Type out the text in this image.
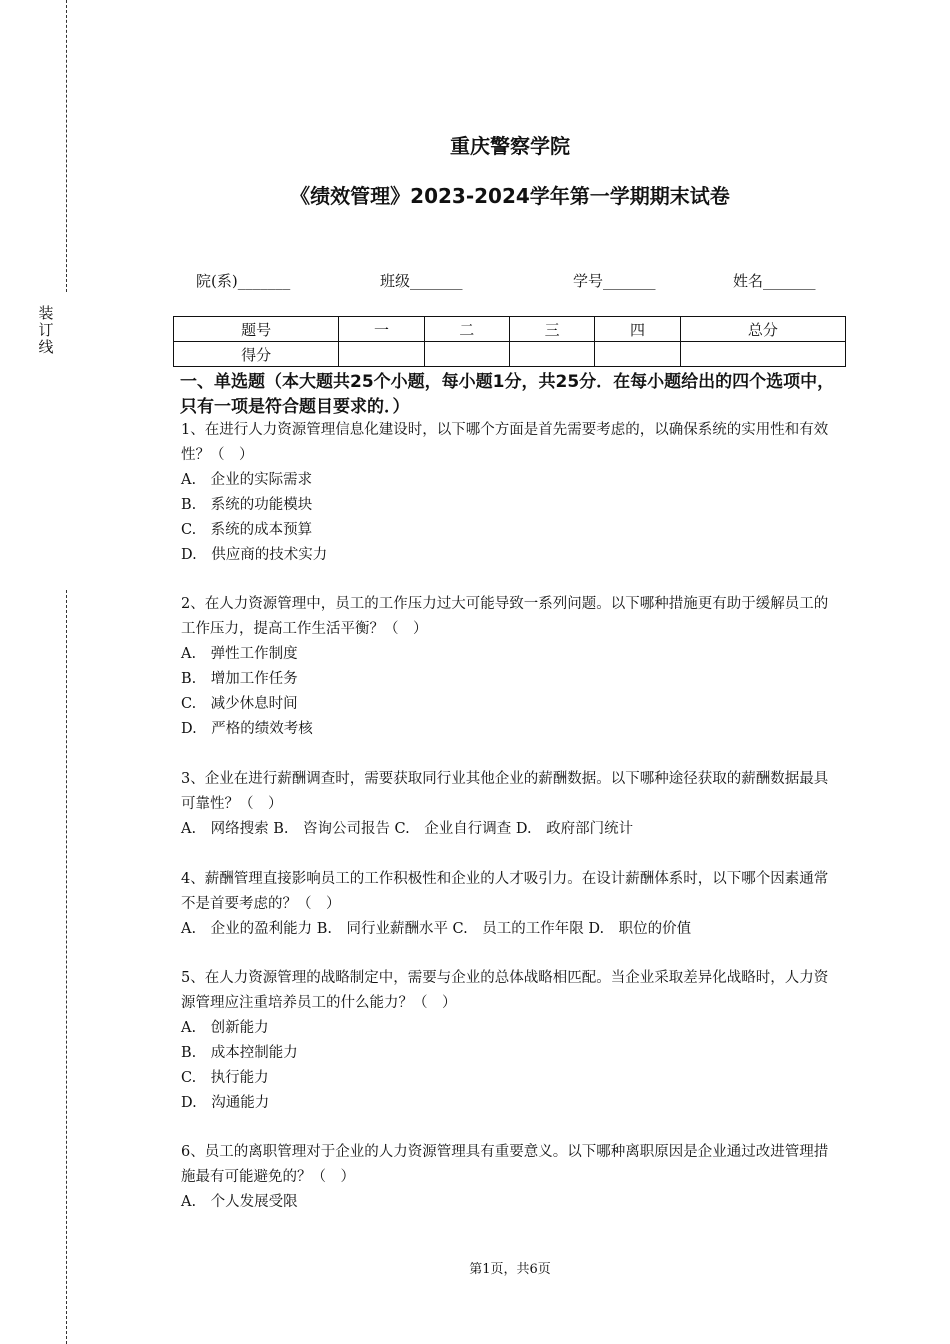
装
订
线
重庆警察学院
《绩效管理》2023-2024学年第一学期期末试卷
院(系)_______	班级_______	学号_______	姓名_______
题号	一	二	三	四	总分
得分					
一、单选题（本大题共25个小题，每小题1分，共25分．在每小题给出的四个选项中，只有一项是符合题目要求的．）
1、在进行人力资源管理信息化建设时，以下哪个方面是首先需要考虑的，以确保系统的实用性和有效性？（　）
A.　企业的实际需求
B.　系统的功能模块
C.　系统的成本预算
D.　供应商的技术实力
2、在人力资源管理中，员工的工作压力过大可能导致一系列问题。以下哪种措施更有助于缓解员工的工作压力，提高工作生活平衡？（　）
A.　弹性工作制度
B.　增加工作任务
C.　减少休息时间
D.　严格的绩效考核
3、企业在进行薪酬调查时，需要获取同行业其他企业的薪酬数据。以下哪种途径获取的薪酬数据最具可靠性？（　）
A.　网络搜索 B.　咨询公司报告 C.　企业自行调查 D.　政府部门统计
4、薪酬管理直接影响员工的工作积极性和企业的人才吸引力。在设计薪酬体系时，以下哪个因素通常不是首要考虑的？（　）
A.　企业的盈利能力 B.　同行业薪酬水平 C.　员工的工作年限 D.　职位的价值
5、在人力资源管理的战略制定中，需要与企业的总体战略相匹配。当企业采取差异化战略时，人力资源管理应注重培养员工的什么能力？（　）
A.　创新能力
B.　成本控制能力
C.　执行能力
D.　沟通能力
6、员工的离职管理对于企业的人力资源管理具有重要意义。以下哪种离职原因是企业通过改进管理措施最有可能避免的？（　）
A.　个人发展受限
第1页，共6页
